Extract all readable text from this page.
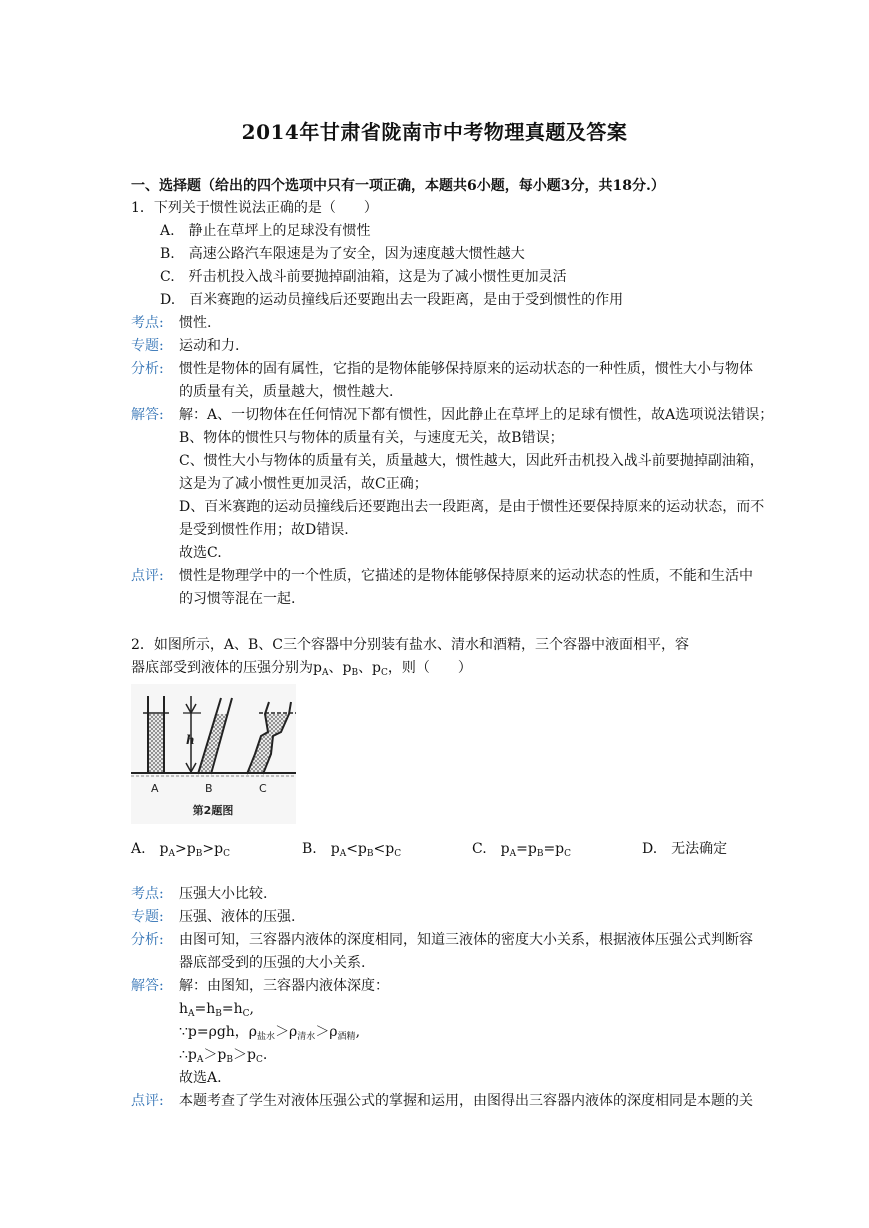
2014年甘肃省陇南市中考物理真题及答案
一、选择题（给出的四个选项中只有一项正确，本题共6小题，每小题3分，共18分.）
1．下列关于惯性说法正确的是（　　）
A.　静止在草坪上的足球没有惯性
B.　高速公路汽车限速是为了安全，因为速度越大惯性越大
C.　歼击机投入战斗前要抛掉副油箱，这是为了减小惯性更加灵活
D.　百米赛跑的运动员撞线后还要跑出去一段距离，是由于受到惯性的作用
考点: 惯性.
专题: 运动和力.
分析: 惯性是物体的固有属性，它指的是物体能够保持原来的运动状态的一种性质，惯性大小与物体
的质量有关，质量越大，惯性越大.
解答: 解：A、一切物体在任何情况下都有惯性，因此静止在草坪上的足球有惯性，故A选项说法错误；
B、物体的惯性只与物体的质量有关，与速度无关，故B错误；
C、惯性大小与物体的质量有关，质量越大，惯性越大，因此歼击机投入战斗前要抛掉副油箱，
这是为了减小惯性更加灵活，故C正确；
D、百米赛跑的运动员撞线后还要跑出去一段距离，是由于惯性还要保持原来的运动状态，而不
是受到惯性作用；故D错误.
故选C.
点评: 惯性是物理学中的一个性质，它描述的是物体能够保持原来的运动状态的性质，不能和生活中
的习惯等混在一起.
2．如图所示，A、B、C三个容器中分别装有盐水、清水和酒精，三个容器中液面相平，容
器底部受到液体的压强分别为$p_A$、$p_B$、$p_C$，则（　　）
h
A	B	C
第2题图
A.　$p_A>p_B>p_C$	B.　$p_A<p_B<p_C$	C.　$p_A=p_B=p_C$	D.　无法确定
考点: 压强大小比较.
专题: 压强、液体的压强.
分析: 由图可知，三容器内液体的深度相同，知道三液体的密度大小关系，根据液体压强公式判断容
器底部受到的压强的大小关系.
解答: 解：由图知，三容器内液体深度：
$h_A=h_B=h_C$,
∵p=ρgh，$\rho_{盐水}>\rho_{清水}>\rho_{酒精}$,
$\therefore p_A>p_B>p_C$.
故选A.
点评: 本题考查了学生对液体压强公式的掌握和运用，由图得出三容器内液体的深度相同是本题的关
